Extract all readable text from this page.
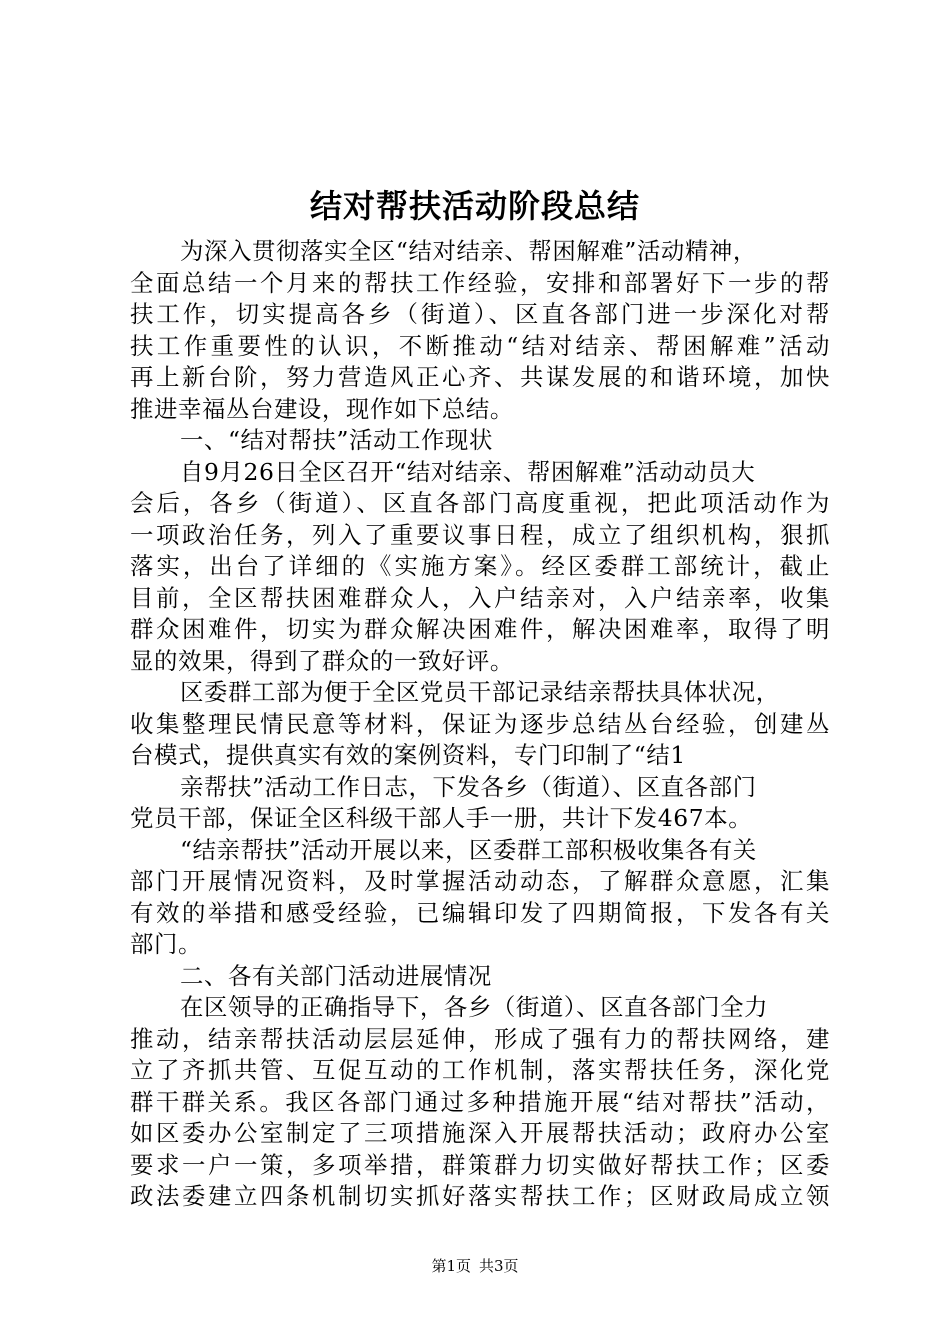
结对帮扶活动阶段总结
为深入贯彻落实全区“结对结亲、帮困解难”活动精神，
全面总结一个月来的帮扶工作经验，安排和部署好下一步的帮
扶工作，切实提高各乡（街道）、区直各部门进一步深化对帮
扶工作重要性的认识，不断推动“结对结亲、帮困解难”活动
再上新台阶，努力营造风正心齐、共谋发展的和谐环境，加快
推进幸福丛台建设，现作如下总结。
一、“结对帮扶”活动工作现状
自9月26日全区召开“结对结亲、帮困解难”活动动员大
会后，各乡（街道）、区直各部门高度重视，把此项活动作为
一项政治任务，列入了重要议事日程，成立了组织机构，狠抓
落实，出台了详细的《实施方案》。经区委群工部统计，截止
目前，全区帮扶困难群众人，入户结亲对，入户结亲率，收集
群众困难件，切实为群众解决困难件，解决困难率，取得了明
显的效果，得到了群众的一致好评。
区委群工部为便于全区党员干部记录结亲帮扶具体状况，
收集整理民情民意等材料，保证为逐步总结丛台经验，创建丛
台模式，提供真实有效的案例资料，专门印制了“结1
亲帮扶”活动工作日志，下发各乡（街道）、区直各部门
党员干部，保证全区科级干部人手一册，共计下发467本。
“结亲帮扶”活动开展以来，区委群工部积极收集各有关
部门开展情况资料，及时掌握活动动态，了解群众意愿，汇集
有效的举措和感受经验，已编辑印发了四期简报，下发各有关
部门。
二、各有关部门活动进展情况
在区领导的正确指导下，各乡（街道）、区直各部门全力
推动，结亲帮扶活动层层延伸，形成了强有力的帮扶网络，建
立了齐抓共管、互促互动的工作机制，落实帮扶任务，深化党
群干群关系。我区各部门通过多种措施开展“结对帮扶”活动，
如区委办公室制定了三项措施深入开展帮扶活动；政府办公室
要求一户一策，多项举措，群策群力切实做好帮扶工作；区委
政法委建立四条机制切实抓好落实帮扶工作；区财政局成立领
第1页 共3页
